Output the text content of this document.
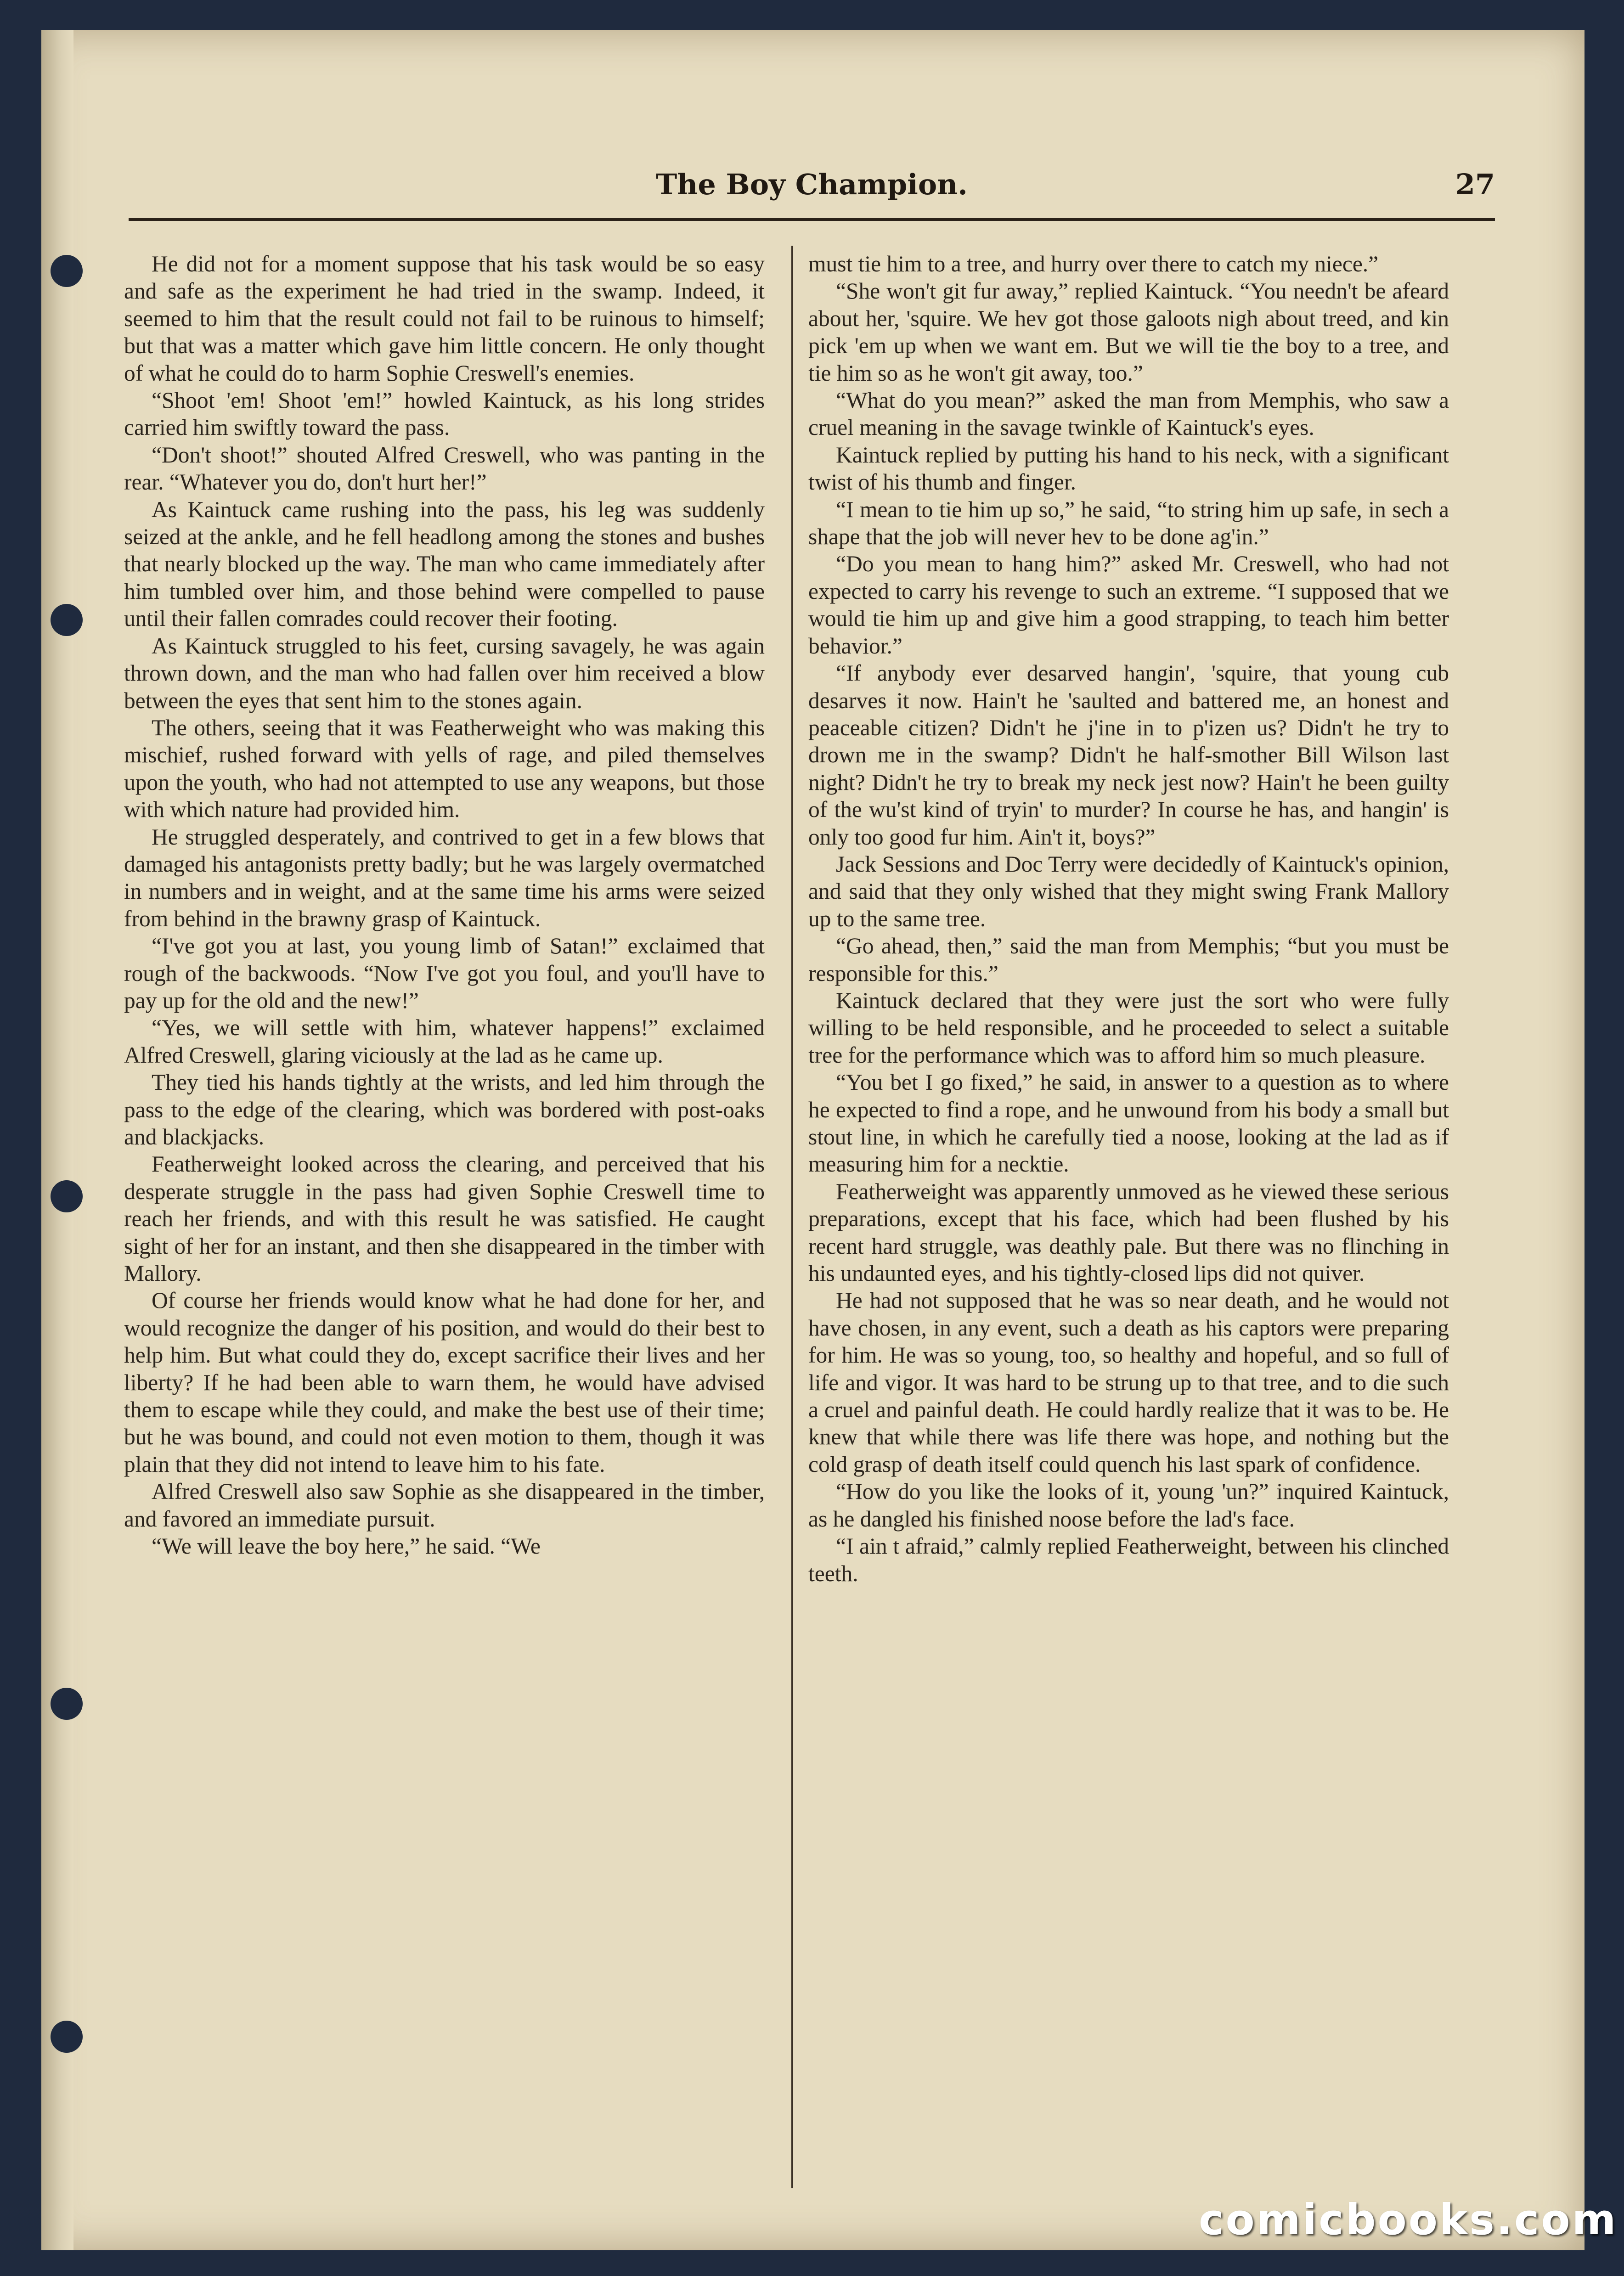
The Boy Champion.	27

He did not for a moment suppose that his task would be so easy and safe as the experiment he had tried in the swamp. Indeed, it seemed to him that the result could not fail to be ruinous to himself; but that was a matter which gave him little concern. He only thought of what he could do to harm Sophie Creswell's enemies.

“Shoot 'em! Shoot 'em!” howled Kaintuck, as his long strides carried him swiftly toward the pass.

“Don't shoot!” shouted Alfred Creswell, who was panting in the rear. “Whatever you do, don't hurt her!”

As Kaintuck came rushing into the pass, his leg was suddenly seized at the ankle, and he fell headlong among the stones and bushes that nearly blocked up the way. The man who came immediately after him tumbled over him, and those behind were compelled to pause until their fallen comrades could recover their footing.

As Kaintuck struggled to his feet, cursing savagely, he was again thrown down, and the man who had fallen over him received a blow between the eyes that sent him to the stones again.

The others, seeing that it was Featherweight who was making this mischief, rushed forward with yells of rage, and piled themselves upon the youth, who had not attempted to use any weapons, but those with which nature had provided him.

He struggled desperately, and contrived to get in a few blows that damaged his antagonists pretty badly; but he was largely overmatched in numbers and in weight, and at the same time his arms were seized from behind in the brawny grasp of Kaintuck.

“I've got you at last, you young limb of Satan!” exclaimed that rough of the backwoods. “Now I've got you foul, and you'll have to pay up for the old and the new!”

“Yes, we will settle with him, whatever happens!” exclaimed Alfred Creswell, glaring viciously at the lad as he came up.

They tied his hands tightly at the wrists, and led him through the pass to the edge of the clearing, which was bordered with post-oaks and blackjacks.

Featherweight looked across the clearing, and perceived that his desperate struggle in the pass had given Sophie Creswell time to reach her friends, and with this result he was satisfied. He caught sight of her for an instant, and then she disappeared in the timber with Mallory.

Of course her friends would know what he had done for her, and would recognize the danger of his position, and would do their best to help him. But what could they do, except sacrifice their lives and her liberty? If he had been able to warn them, he would have advised them to escape while they could, and make the best use of their time; but he was bound, and could not even motion to them, though it was plain that they did not intend to leave him to his fate.

Alfred Creswell also saw Sophie as she disappeared in the timber, and favored an immediate pursuit.

“We will leave the boy here,” he said. “We

must tie him to a tree, and hurry over there to catch my niece.”

“She won't git fur away,” replied Kaintuck. “You needn't be afeard about her, 'squire. We hev got those galoots nigh about treed, and kin pick 'em up when we want em. But we will tie the boy to a tree, and tie him so as he won't git away, too.”

“What do you mean?” asked the man from Memphis, who saw a cruel meaning in the savage twinkle of Kaintuck's eyes.

Kaintuck replied by putting his hand to his neck, with a significant twist of his thumb and finger.

“I mean to tie him up so,” he said, “to string him up safe, in sech a shape that the job will never hev to be done ag'in.”

“Do you mean to hang him?” asked Mr. Creswell, who had not expected to carry his revenge to such an extreme. “I supposed that we would tie him up and give him a good strapping, to teach him better behavior.”

“If anybody ever desarved hangin', 'squire, that young cub desarves it now. Hain't he 'saulted and battered me, an honest and peaceable citizen? Didn't he j'ine in to p'izen us? Didn't he try to drown me in the swamp? Didn't he half-smother Bill Wilson last night? Didn't he try to break my neck jest now? Hain't he been guilty of the wu'st kind of tryin' to murder? In course he has, and hangin' is only too good fur him. Ain't it, boys?”

Jack Sessions and Doc Terry were decidedly of Kaintuck's opinion, and said that they only wished that they might swing Frank Mallory up to the same tree.

“Go ahead, then,” said the man from Memphis; “but you must be responsible for this.”

Kaintuck declared that they were just the sort who were fully willing to be held responsible, and he proceeded to select a suitable tree for the performance which was to afford him so much pleasure.

“You bet I go fixed,” he said, in answer to a question as to where he expected to find a rope, and he unwound from his body a small but stout line, in which he carefully tied a noose, looking at the lad as if measuring him for a necktie.

Featherweight was apparently unmoved as he viewed these serious preparations, except that his face, which had been flushed by his recent hard struggle, was deathly pale. But there was no flinching in his undaunted eyes, and his tightly-closed lips did not quiver.

He had not supposed that he was so near death, and he would not have chosen, in any event, such a death as his captors were preparing for him. He was so young, too, so healthy and hopeful, and so full of life and vigor. It was hard to be strung up to that tree, and to die such a cruel and painful death. He could hardly realize that it was to be. He knew that while there was life there was hope, and nothing but the cold grasp of death itself could quench his last spark of confidence.

“How do you like the looks of it, young 'un?” inquired Kaintuck, as he dangled his finished noose before the lad's face.

“I ain t afraid,” calmly replied Featherweight, between his clinched teeth.

comicbooks.com
